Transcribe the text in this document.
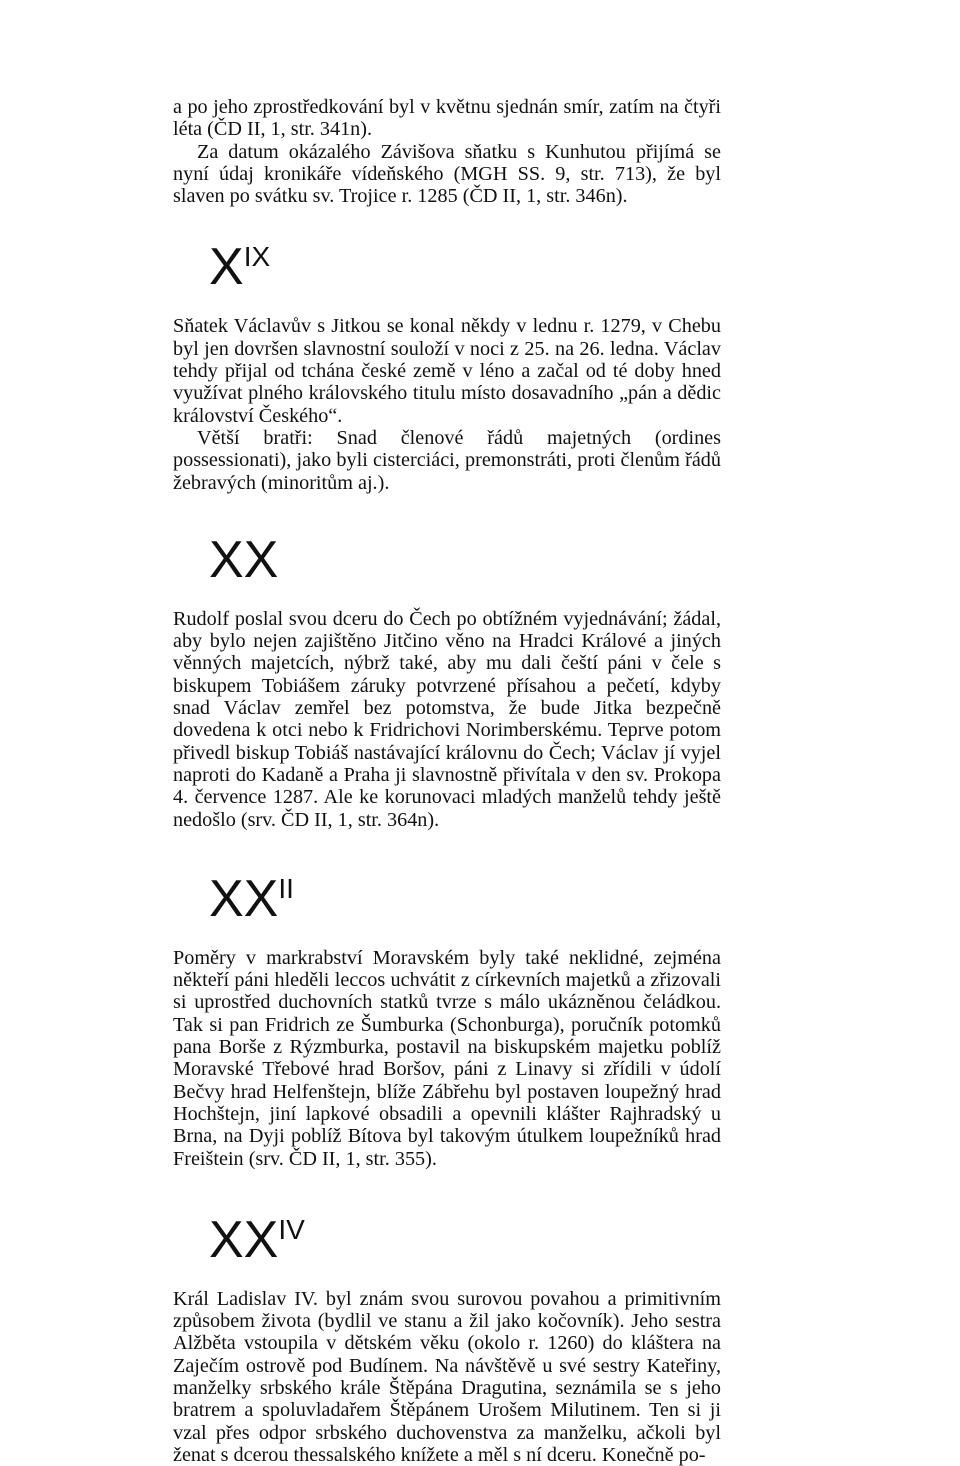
a po jeho zprostředkování byl v květnu sjednán smír, zatím na čtyři léta (ČD II, 1, str. 341n).

Za datum okázalého Závišova sňatku s Kunhutou přijímá se nyní údaj kronikáře vídeňského (MGH SS. 9, str. 713), že byl slaven po svátku sv. Trojice r. 1285 (ČD II, 1, str. 346n).

$X^{IX}$

Sňatek Václavův s Jitkou se konal někdy v lednu r. 1279, v Chebu byl jen dovršen slavnostní souloží v noci z 25. na 26. ledna. Václav tehdy přijal od tchána české země v léno a začal od té doby hned využívat plného královského titulu místo dosavadního „pán a dědic království Českého“.

Větší bratři: Snad členové řádů majetných (ordines possessionati), jako byli cisterciáci, premonstráti, proti členům řádů žebravých (minoritům aj.).

XX

Rudolf poslal svou dceru do Čech po obtížném vyjednávání; žádal, aby bylo nejen zajištěno Jitčino věno na Hradci Králové a jiných věnných majetcích, nýbrž také, aby mu dali čeští páni v čele s biskupem Tobiášem záruky potvrzené přísahou a pečetí, kdyby snad Václav zemřel bez potomstva, že bude Jitka bezpečně dovedena k otci nebo k Fridrichovi Norimberskému. Teprve potom přivedl biskup Tobiáš nastávající královnu do Čech; Václav jí vyjel naproti do Kadaně a Praha ji slavnostně přivítala v den sv. Prokopa 4. července 1287. Ale ke korunovaci mladých manželů tehdy ještě nedošlo (srv. ČD II, 1, str. 364n).

$XX^{II}$

Poměry v markrabství Moravském byly také neklidné, zejména někteří páni hleděli leccos uchvátit z církevních majetků a zřizovali si uprostřed duchovních statků tvrze s málo ukázněnou čeládkou. Tak si pan Fridrich ze Šumburka (Schonburga), poručník potomků pana Borše z Rýzmburka, postavil na biskupském majetku poblíž Moravské Třebové hrad Boršov, páni z Linavy si zřídili v údolí Bečvy hrad Helfenštejn, blíže Zábřehu byl postaven loupežný hrad Hochštejn, jiní lapkové obsadili a opevnili klášter Rajhradský u Brna, na Dyji poblíž Bítova byl takovým útulkem loupežníků hrad Freištein (srv. ČD II, 1, str. 355).

$XX^{IV}$

Král Ladislav IV. byl znám svou surovou povahou a primitivním způsobem života (bydlil ve stanu a žil jako kočovník). Jeho sestra Alžběta vstoupila v dětském věku (okolo r. 1260) do kláštera na Zaječím ostrově pod Budínem. Na návštěvě u své sestry Kateřiny, manželky srbského krále Štěpána Dragutina, seznámila se s jeho bratrem a spoluvladařem Štěpánem Urošem Milutinem. Ten si ji vzal přes odpor srbského duchovenstva za manželku, ačkoli byl ženat s dcerou thessalského knížete a měl s ní dceru. Konečně po-
